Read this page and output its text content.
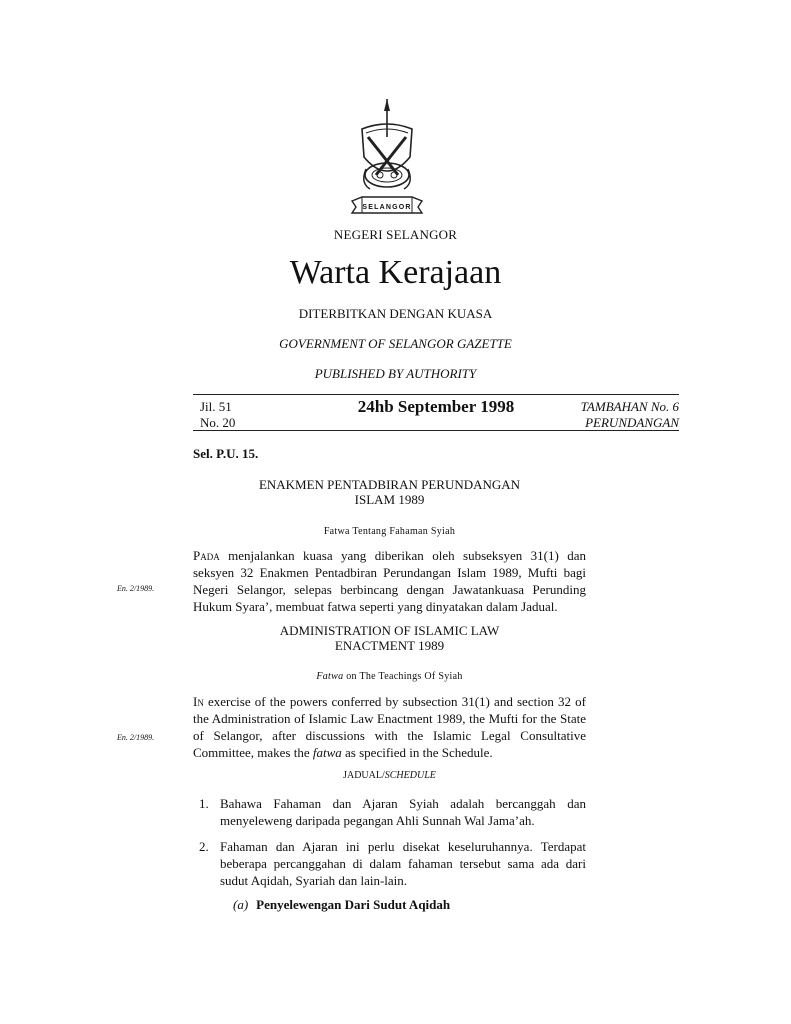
SELANGOR
NEGERI SELANGOR
Warta Kerajaan
DITERBITKAN DENGAN KUASA
GOVERNMENT OF SELANGOR GAZETTE
PUBLISHED BY AUTHORITY
Jil. 51
No. 20
24hb September 1998	TAMBAHAN No. 6
PERUNDANGAN
Sel. P.U. 15.
ENAKMEN PENTADBIRAN PERUNDANGAN
ISLAM 1989
Fatwa Tentang Fahaman Syiah
Pada menjalankan kuasa yang diberikan oleh subseksyen 31(1) dan seksyen 32 Enakmen Pentadbiran Perundangan Islam 1989, Mufti bagi Negeri Selangor, selepas berbincang dengan Jawatankuasa Perunding Hukum Syara’, membuat fatwa seperti yang dinyatakan dalam Jadual.
En. 2/1989.
ADMINISTRATION OF ISLAMIC LAW
ENACTMENT 1989
Fatwa on The Teachings Of Syiah
In exercise of the powers conferred by subsection 31(1) and section 32 of the Administration of Islamic Law Enactment 1989, the Mufti for the State of Selangor, after discussions with the Islamic Legal Consultative Committee, makes the fatwa as specified in the Schedule.
En. 2/1989.
JADUAL/SCHEDULE
1. Bahawa Fahaman dan Ajaran Syiah adalah bercanggah dan menyeleweng daripada pegangan Ahli Sunnah Wal Jama’ah.
2. Fahaman dan Ajaran ini perlu disekat keseluruhannya. Terdapat beberapa percanggahan di dalam fahaman tersebut sama ada dari sudut Aqidah, Syariah dan lain-lain.
(a) Penyelewengan Dari Sudut Aqidah
